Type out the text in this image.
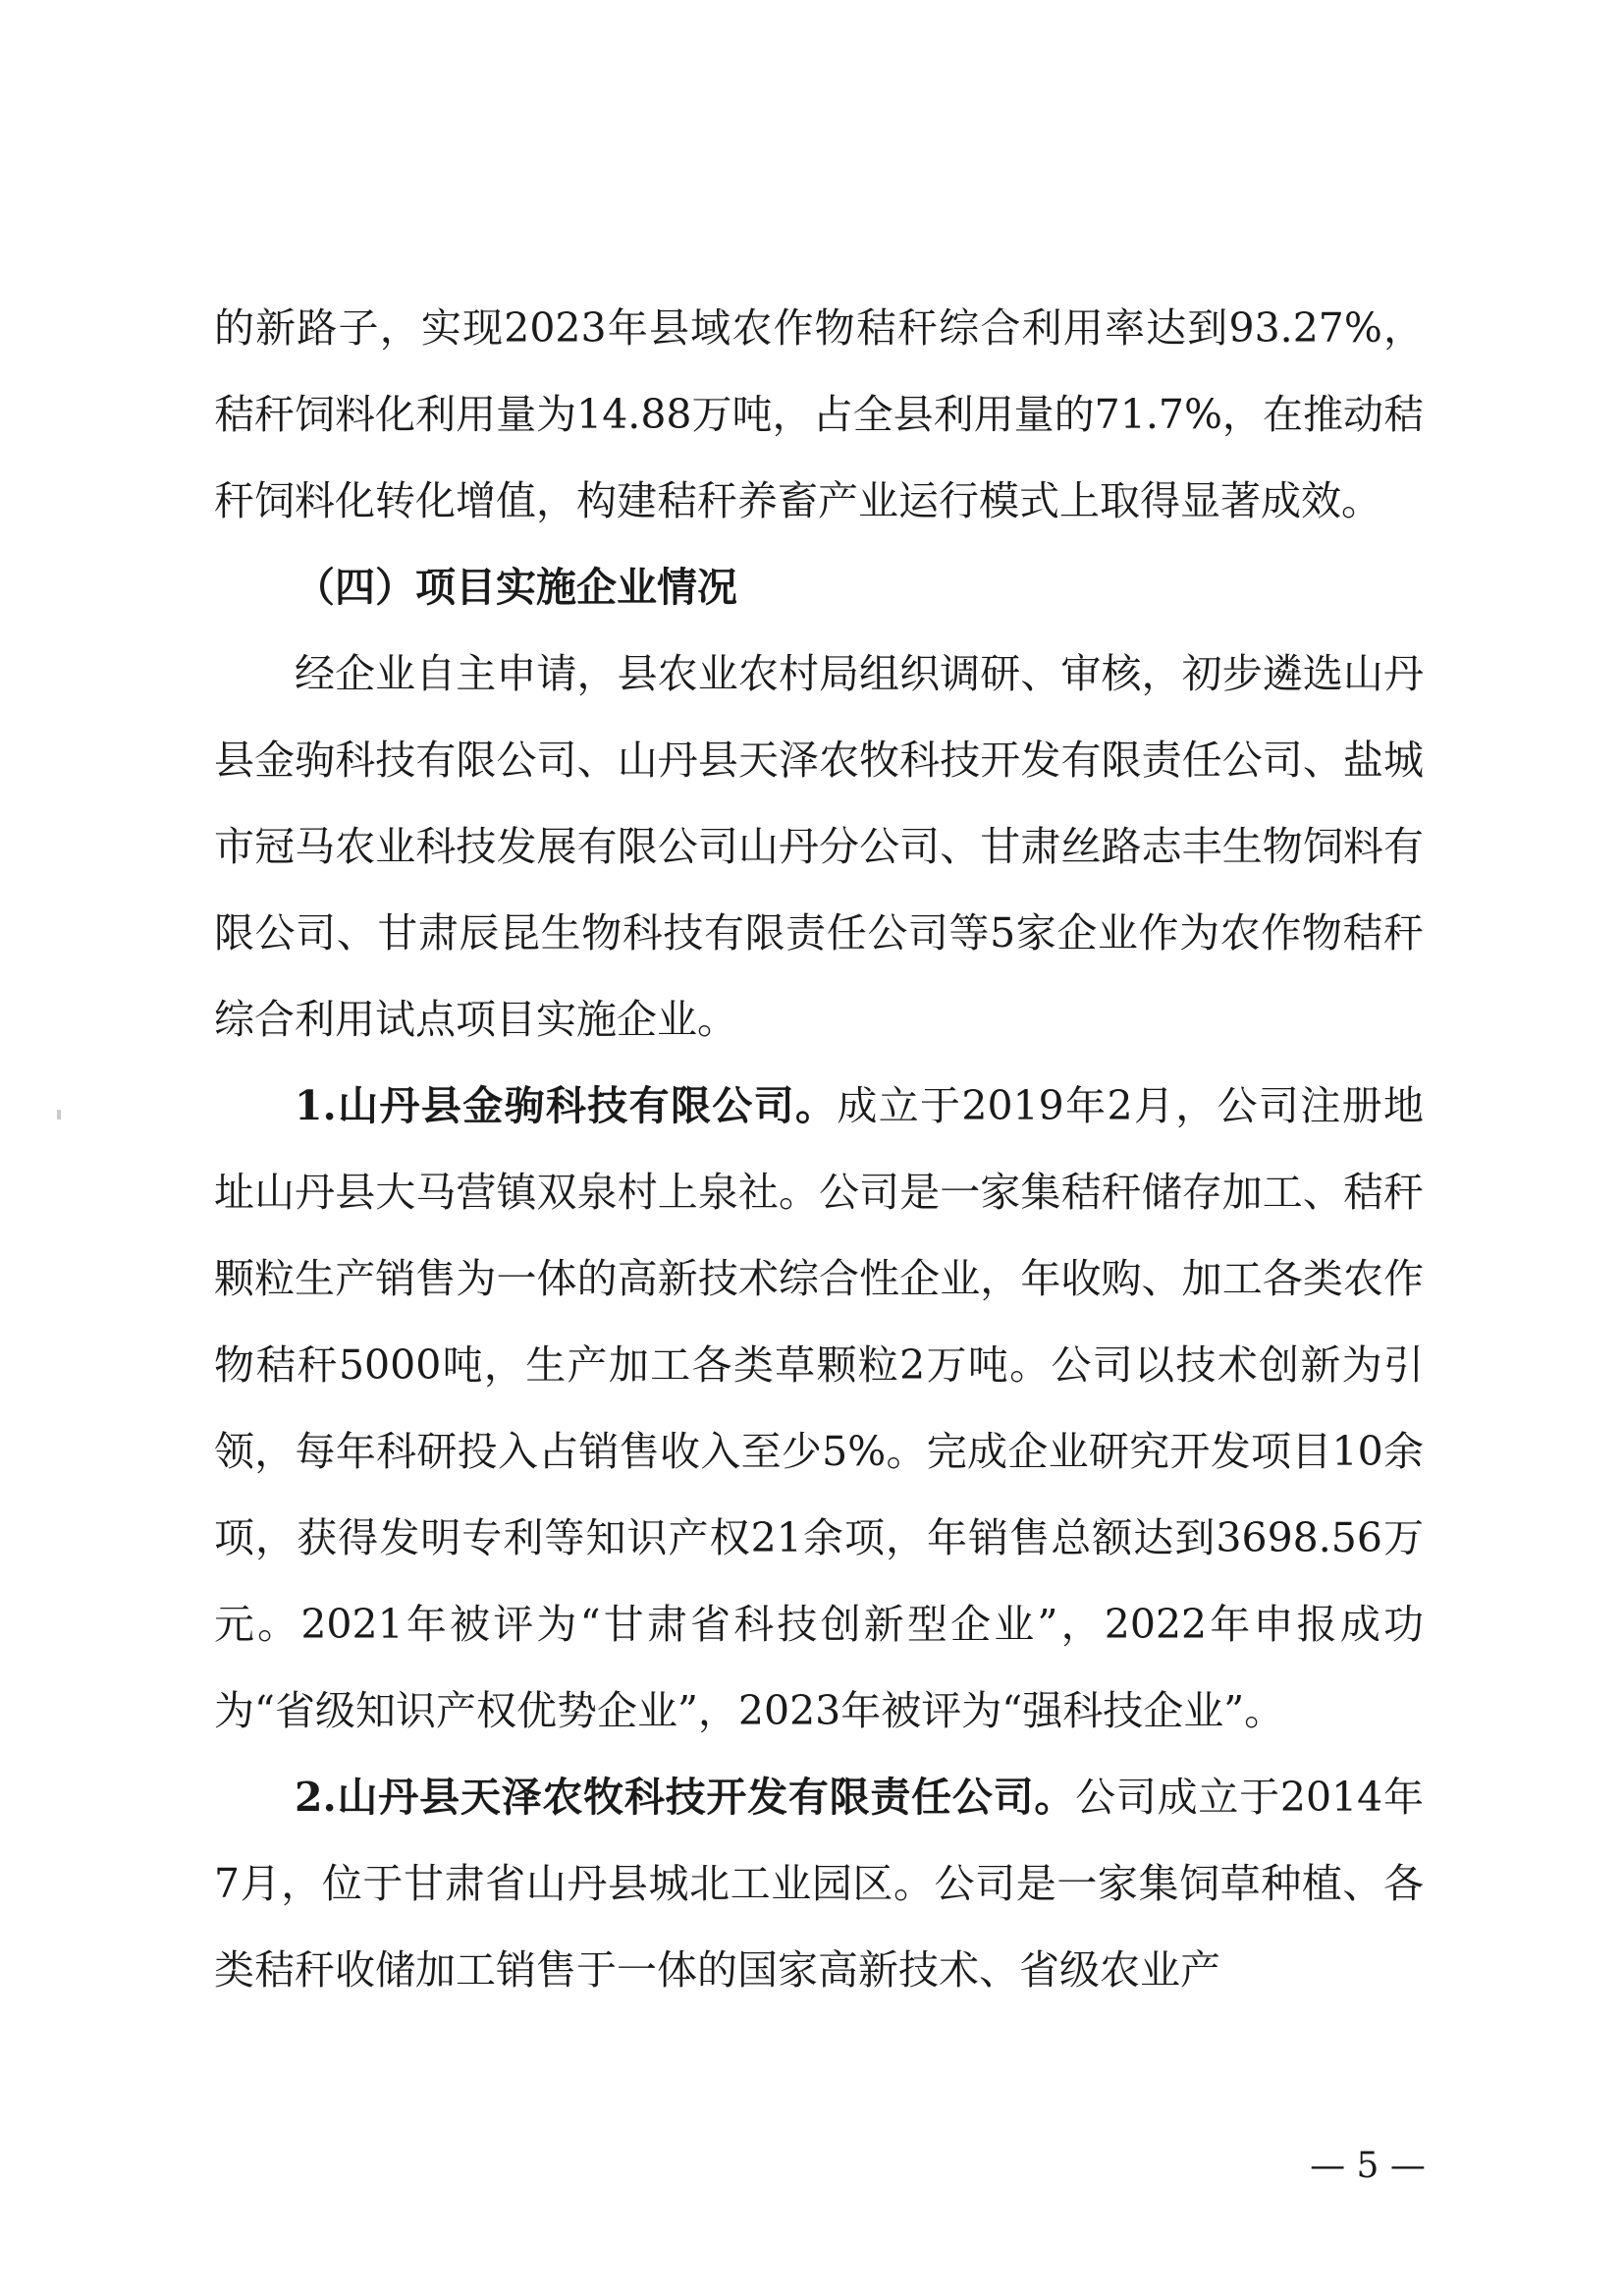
的新路子，实现2023年县域农作物秸秆综合利用率达到93.27%，秸秆饲料化利用量为14.88万吨，占全县利用量的71.7%，在推动秸秆饲料化转化增值，构建秸秆养畜产业运行模式上取得显著成效。

（四）项目实施企业情况

经企业自主申请，县农业农村局组织调研、审核，初步遴选山丹县金驹科技有限公司、山丹县天泽农牧科技开发有限责任公司、盐城市冠马农业科技发展有限公司山丹分公司、甘肃丝路志丰生物饲料有限公司、甘肃辰昆生物科技有限责任公司等5家企业作为农作物秸秆综合利用试点项目实施企业。

1.山丹县金驹科技有限公司。成立于2019年2月，公司注册地址山丹县大马营镇双泉村上泉社。公司是一家集秸秆储存加工、秸秆颗粒生产销售为一体的高新技术综合性企业，年收购、加工各类农作物秸秆5000吨，生产加工各类草颗粒2万吨。公司以技术创新为引领，每年科研投入占销售收入至少5%。完成企业研究开发项目10余项，获得发明专利等知识产权21余项，年销售总额达到3698.56万元。2021年被评为“甘肃省科技创新型企业”，2022年申报成功为“省级知识产权优势企业”，2023年被评为“强科技企业”。

2.山丹县天泽农牧科技开发有限责任公司。公司成立于2014年7月，位于甘肃省山丹县城北工业园区。公司是一家集饲草种植、各类秸秆收储加工销售于一体的国家高新技术、省级农业产

— 5 —
